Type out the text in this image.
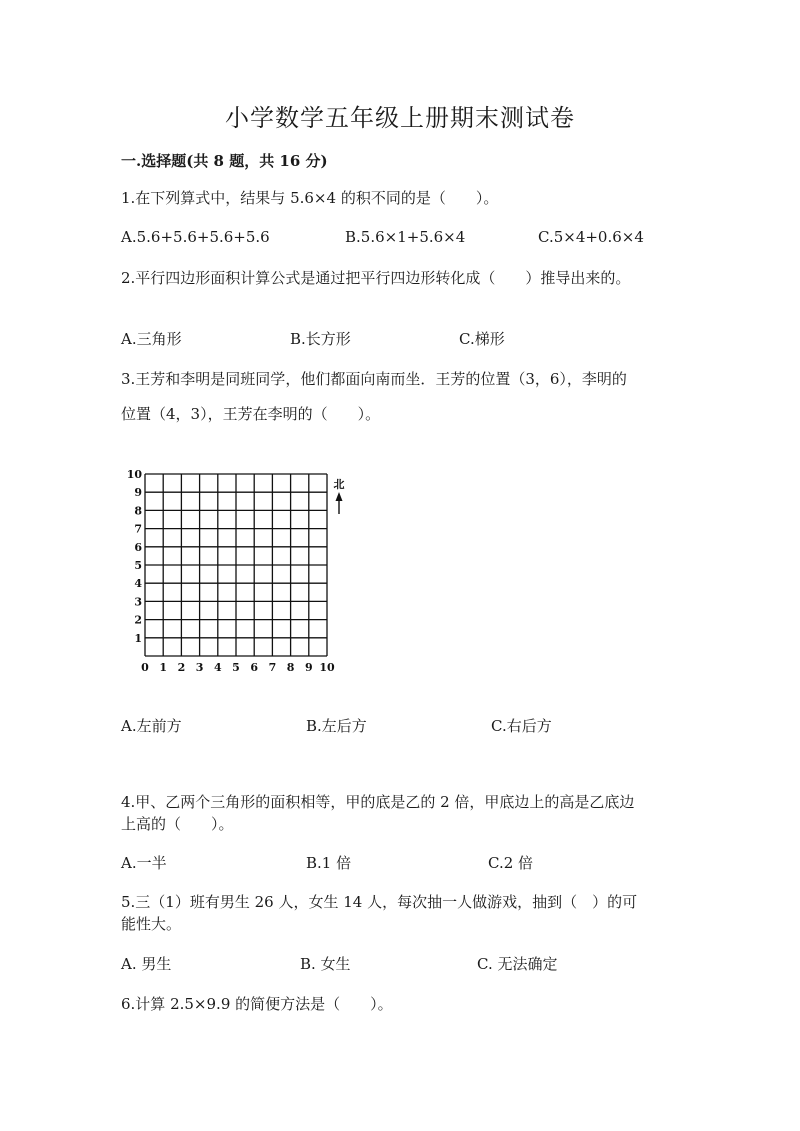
小学数学五年级上册期末测试卷
一.选择题(共 8 题，共 16 分)
1.在下列算式中，结果与 5.6×4 的积不同的是（　　）。
A.5.6+5.6+5.6+5.6	B.5.6×1+5.6×4	C.5×4+0.6×4
2.平行四边形面积计算公式是通过把平行四边形转化成（　　）推导出来的。
A.三角形	B.长方形	C.梯形
3.王芳和李明是同班同学，他们都面向南而坐．王芳的位置（3，6），李明的
位置（4，3），王芳在李明的（　　）。
0 1 2 3 4 5 6 7 8 9 10
1
2
3
4
5
6
7
8
9
10
北
A.左前方	B.左后方	C.右后方
4.甲、乙两个三角形的面积相等，甲的底是乙的 2 倍，甲底边上的高是乙底边
上高的（　　）。
A.一半	B.1 倍	C.2 倍
5.三（1）班有男生 26 人，女生 14 人，每次抽一人做游戏，抽到（　）的可
能性大。
A. 男生	B. 女生	C. 无法确定
6.计算 2.5×9.9 的简便方法是（　　）。
